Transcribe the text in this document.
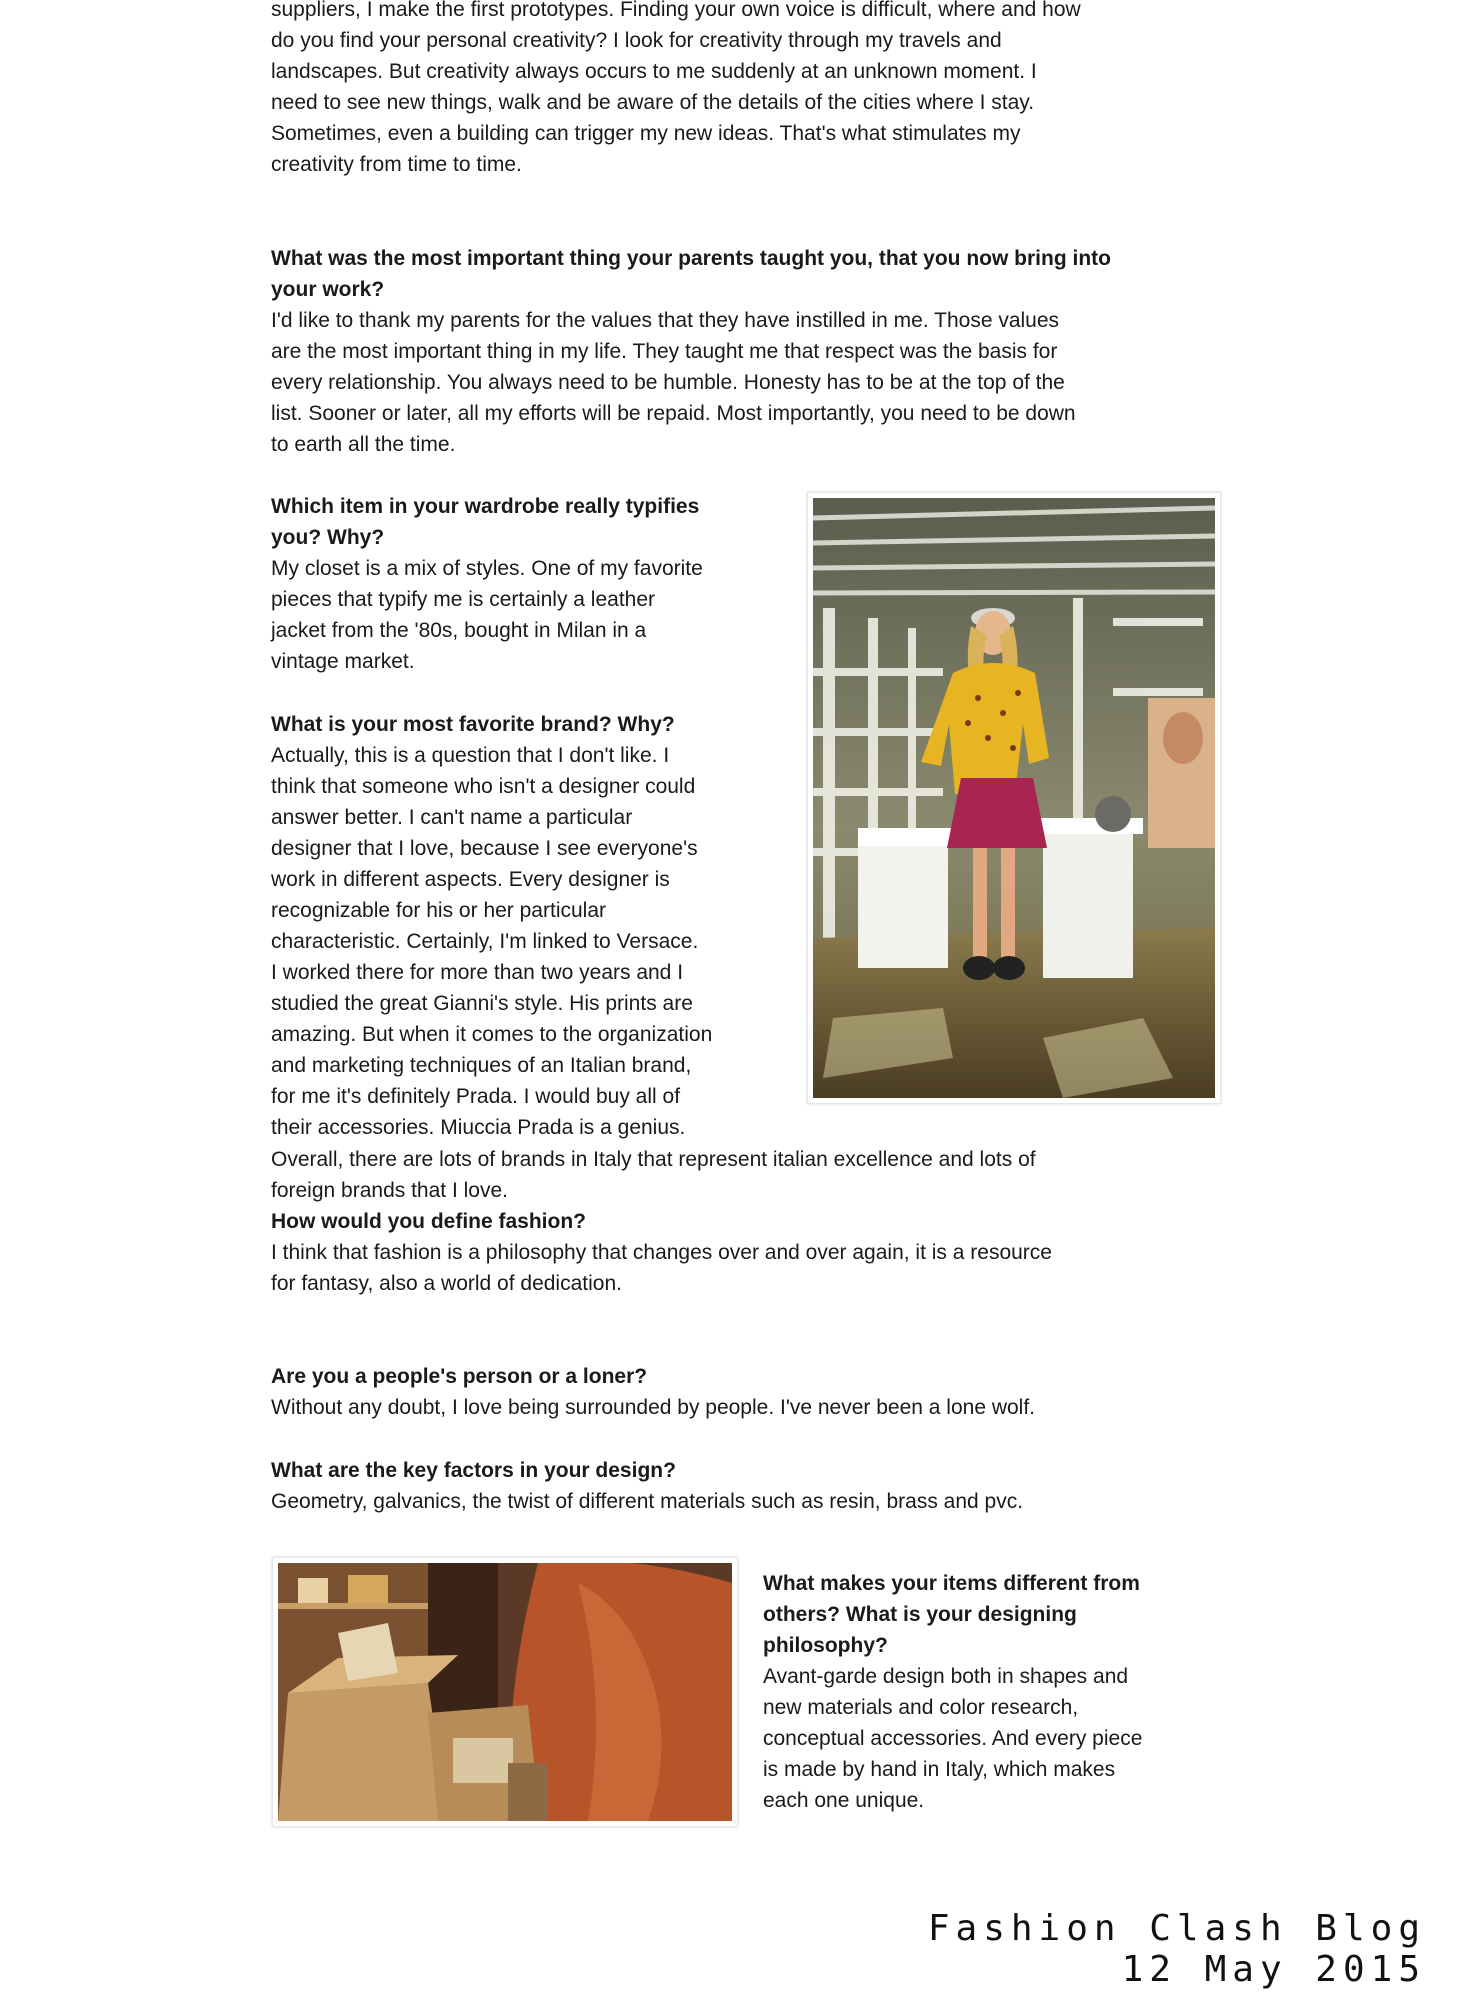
suppliers, I make the first prototypes. Finding your own voice is difficult, where and how

do you find your personal creativity? I look for creativity through my travels and

landscapes. But creativity always occurs to me suddenly at an unknown moment. I

need to see new things, walk and be aware of the details of the cities where I stay.

Sometimes, even a building can trigger my new ideas. That's what stimulates my

creativity from time to time.

What was the most important thing your parents taught you, that you now bring into

your work?

I'd like to thank my parents for the values that they have instilled in me. Those values

are the most important thing in my life. They taught me that respect was the basis for

every relationship. You always need to be humble. Honesty has to be at the top of the

list. Sooner or later, all my efforts will be repaid. Most importantly, you need to be down

to earth all the time.

Which item in your wardrobe really typifies

you? Why?

My closet is a mix of styles. One of my favorite

pieces that typify me is certainly a leather

jacket from the '80s, bought in Milan in a

vintage market.

What is your most favorite brand? Why?

Actually, this is a question that I don't like. I

think that someone who isn't a designer could

answer better. I can't name a particular

designer that I love, because I see everyone's

work in different aspects. Every designer is

recognizable for his or her particular

characteristic. Certainly, I'm linked to Versace.

I worked there for more than two years and I

studied the great Gianni's style. His prints are

amazing. But when it comes to the organization

and marketing techniques of an Italian brand,

for me it's definitely Prada. I would buy all of

their accessories. Miuccia Prada is a genius.

Overall, there are lots of brands in Italy that represent italian excellence and lots of

foreign brands that I love.

How would you define fashion?

I think that fashion is a philosophy that changes over and over again, it is a resource

for fantasy, also a world of dedication.

Are you a people's person or a loner?

Without any doubt, I love being surrounded by people. I've never been a lone wolf.

What are the key factors in your design?

Geometry, galvanics, the twist of different materials such as resin, brass and pvc.

What makes your items different from

others? What is your designing

philosophy?

Avant-garde design both in shapes and

new materials and color research,

conceptual accessories. And every piece

is made by hand in Italy, which makes

each one unique.

Fashion Clash Blog
12 May 2015
